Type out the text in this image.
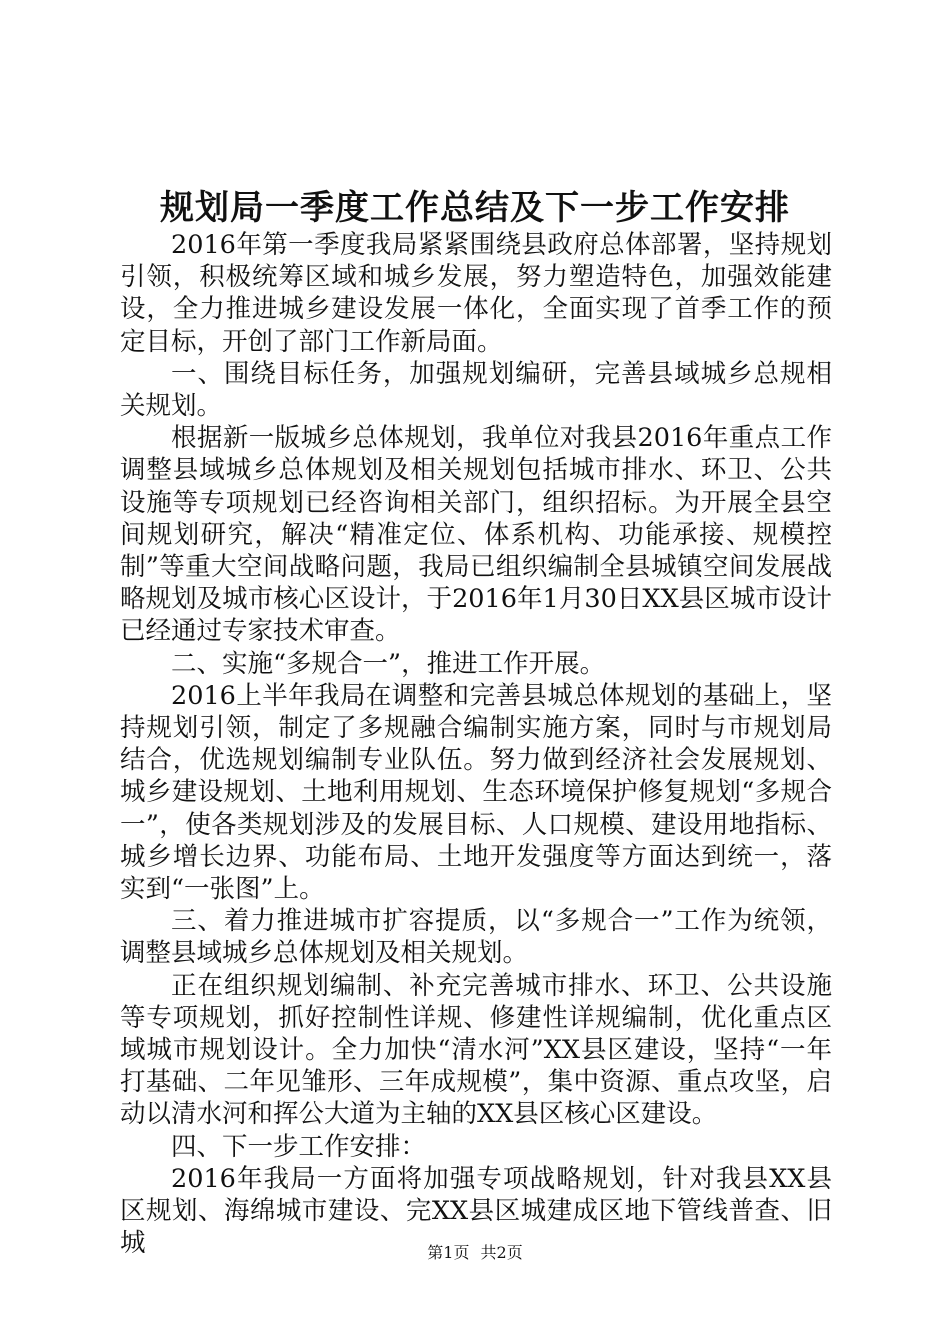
规划局一季度工作总结及下一步工作安排

2016年第一季度我局紧紧围绕县政府总体部署，坚持规划引领，积极统筹区域和城乡发展，努力塑造特色，加强效能建设，全力推进城乡建设发展一体化，全面实现了首季工作的预定目标，开创了部门工作新局面。

一、围绕目标任务，加强规划编研，完善县域城乡总规相关规划。

根据新一版城乡总体规划，我单位对我县2016年重点工作调整县域城乡总体规划及相关规划包括城市排水、环卫、公共设施等专项规划已经咨询相关部门，组织招标。为开展全县空间规划研究，解决“精准定位、体系机构、功能承接、规模控制”等重大空间战略问题，我局已组织编制全县城镇空间发展战略规划及城市核心区设计，于2016年1月30日XX县区城市设计已经通过专家技术审查。

二、实施“多规合一”，推进工作开展。

2016上半年我局在调整和完善县城总体规划的基础上，坚持规划引领，制定了多规融合编制实施方案，同时与市规划局结合，优选规划编制专业队伍。努力做到经济社会发展规划、城乡建设规划、土地利用规划、生态环境保护修复规划“多规合一”，使各类规划涉及的发展目标、人口规模、建设用地指标、城乡增长边界、功能布局、土地开发强度等方面达到统一，落实到“一张图”上。

三、着力推进城市扩容提质，以“多规合一”工作为统领，调整县域城乡总体规划及相关规划。

正在组织规划编制、补充完善城市排水、环卫、公共设施等专项规划，抓好控制性详规、修建性详规编制，优化重点区域城市规划设计。全力加快“清水河”XX县区建设，坚持“一年打基础、二年见雏形、三年成规模”，集中资源、重点攻坚，启动以清水河和挥公大道为主轴的XX县区核心区建设。

四、下一步工作安排：

2016年我局一方面将加强专项战略规划，针对我县XX县区规划、海绵城市建设、完XX县区城建成区地下管线普查、旧城	第1页 共2页
